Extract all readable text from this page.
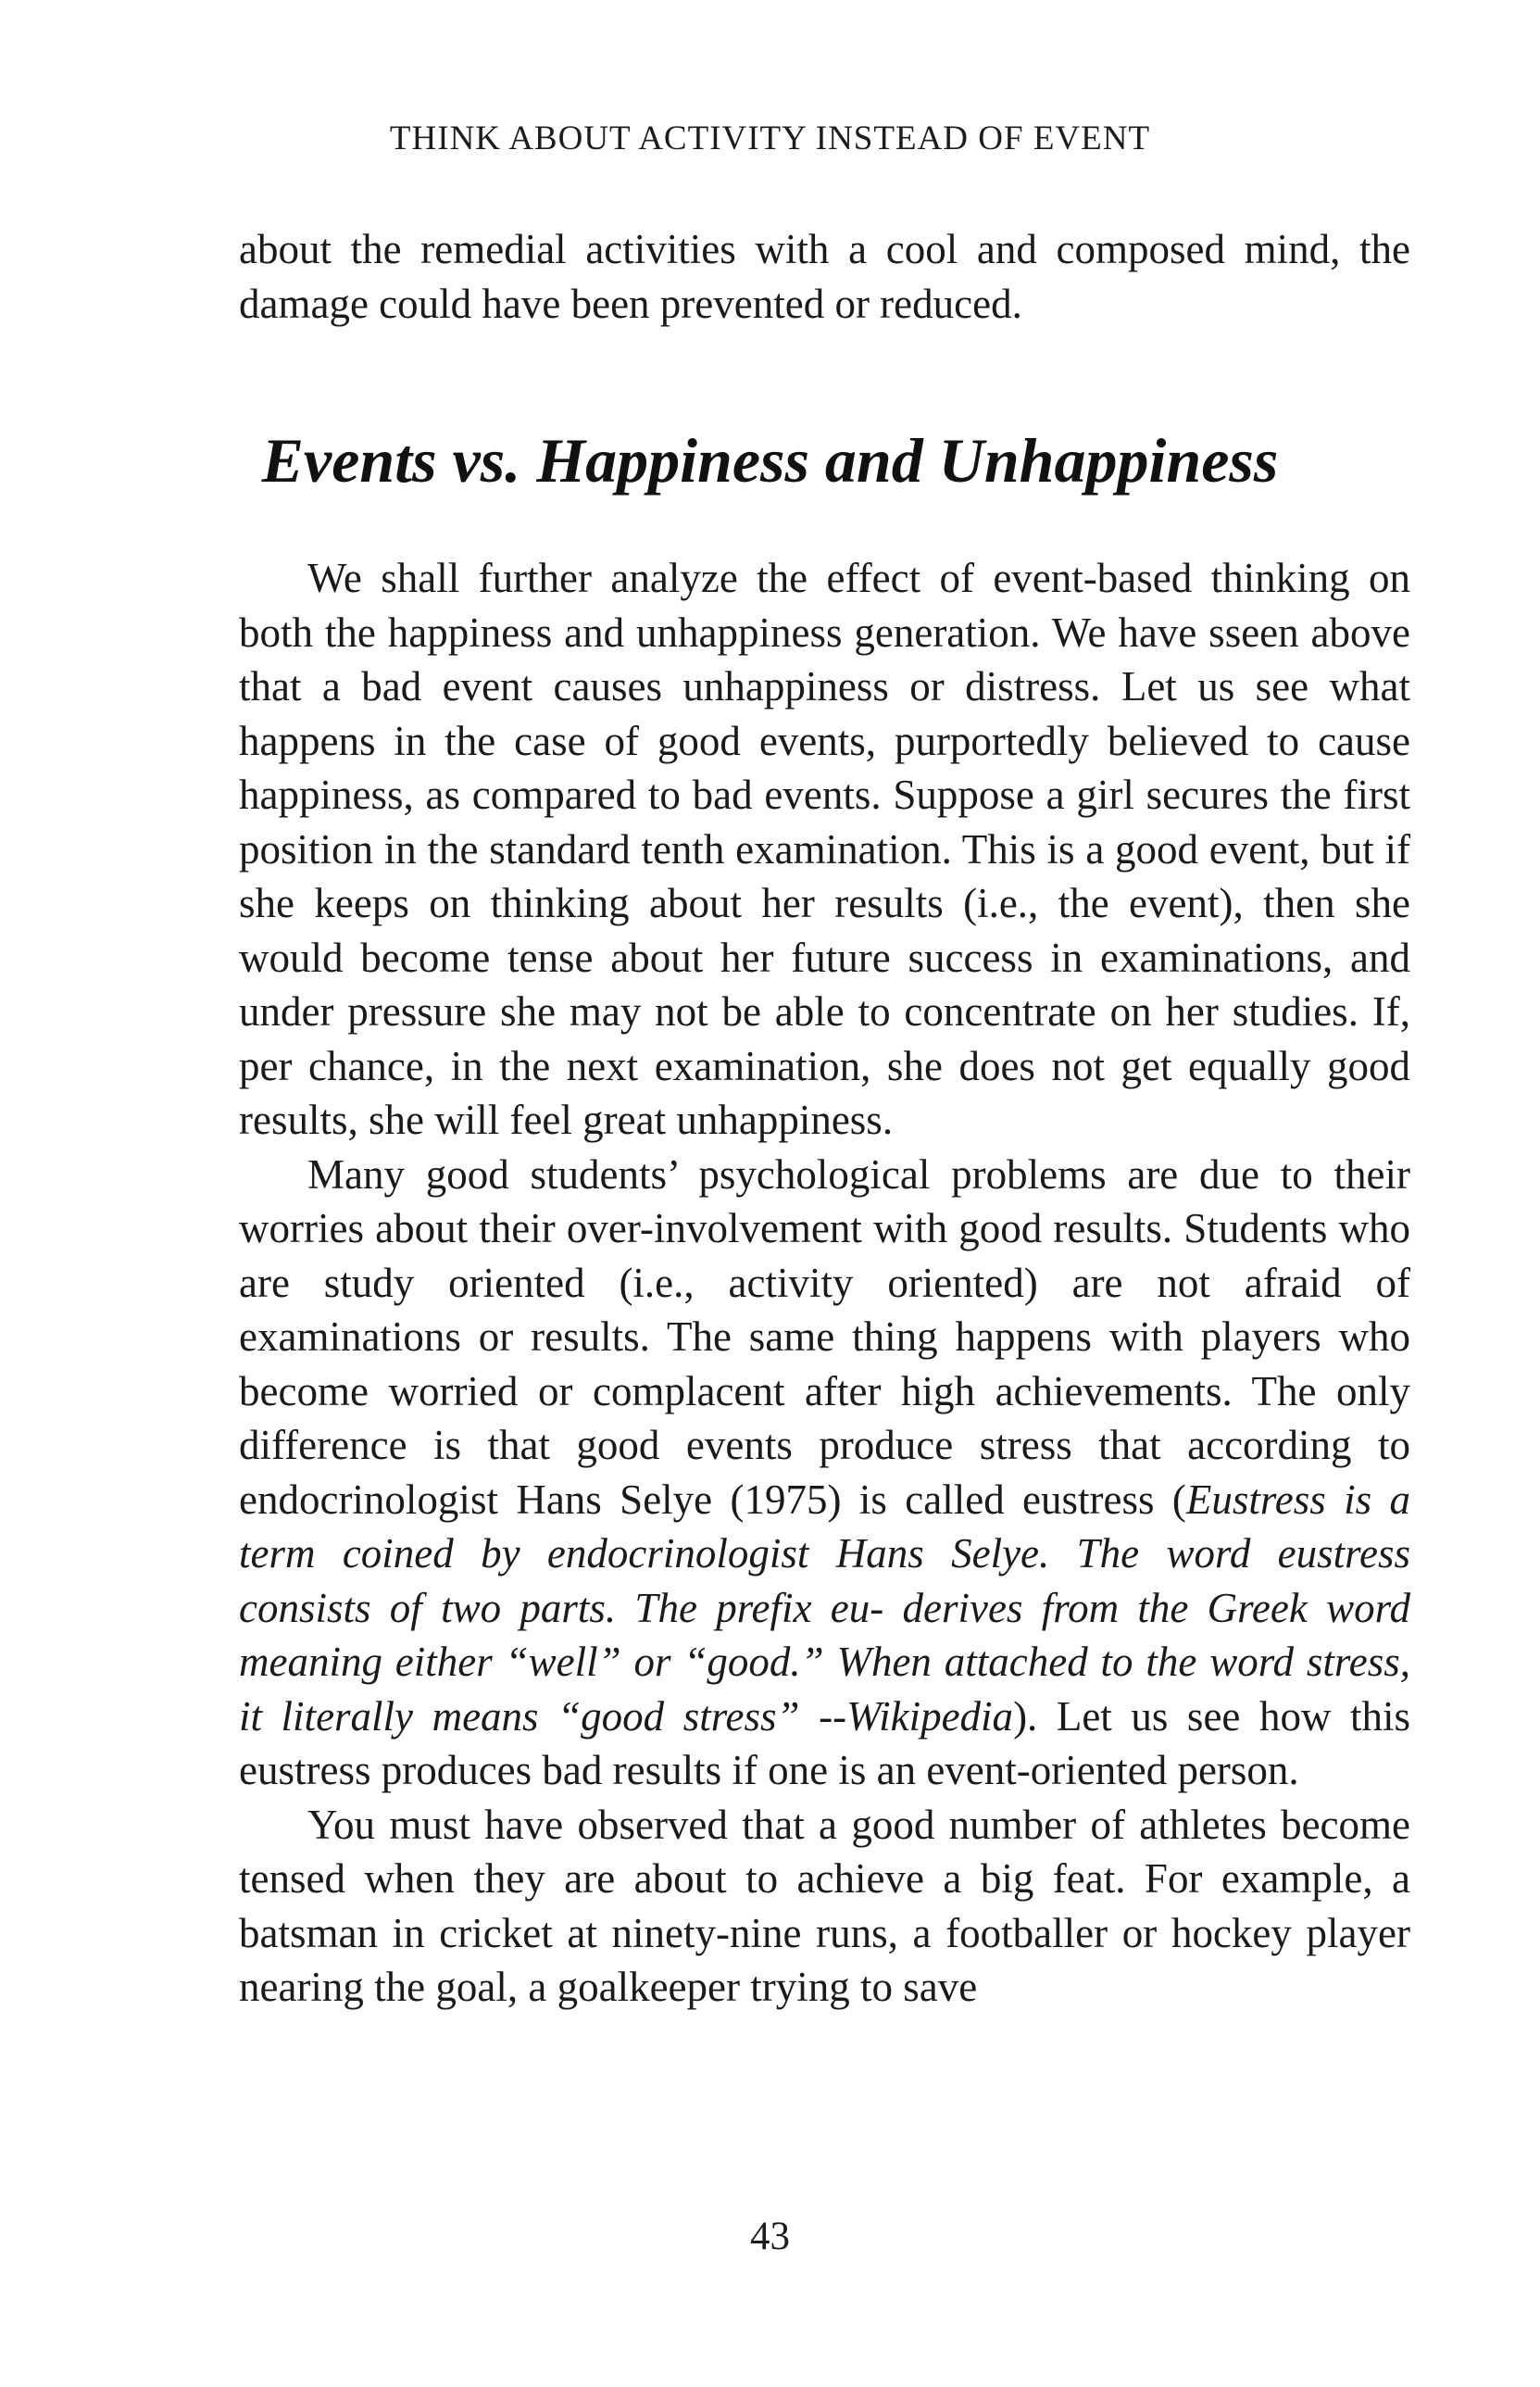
THINK ABOUT ACTIVITY INSTEAD OF EVENT

about the remedial activities with a cool and composed mind, the damage could have been prevented or reduced.

Events vs. Happiness and Unhappiness

We shall further analyze the effect of event-based thinking on both the happiness and unhappiness generation. We have sseen above that a bad event causes unhappiness or distress. Let us see what happens in the case of good events, purportedly believed to cause happiness, as compared to bad events. Suppose a girl secures the first position in the standard tenth examination. This is a good event, but if she keeps on thinking about her results (i.e., the event), then she would become tense about her future success in examinations, and under pressure she may not be able to concentrate on her studies. If, per chance, in the next examination, she does not get equally good results, she will feel great unhappiness.

Many good students’ psychological problems are due to their worries about their over-involvement with good results. Students who are study oriented (i.e., activity oriented) are not afraid of examinations or results. The same thing happens with players who become worried or complacent after high achievements. The only difference is that good events produce stress that according to endocrinologist Hans Selye (1975) is called eustress (Eustress is a term coined by endocrinologist Hans Selye. The word eustress consists of two parts. The prefix eu- derives from the Greek word meaning either “well” or “good.” When attached to the word stress, it literally means “good stress” --Wikipedia). Let us see how this eustress produces bad results if one is an event-oriented person.

You must have observed that a good number of athletes become tensed when they are about to achieve a big feat. For example, a batsman in cricket at ninety-nine runs, a footballer or hockey player nearing the goal, a goalkeeper trying to save

43
